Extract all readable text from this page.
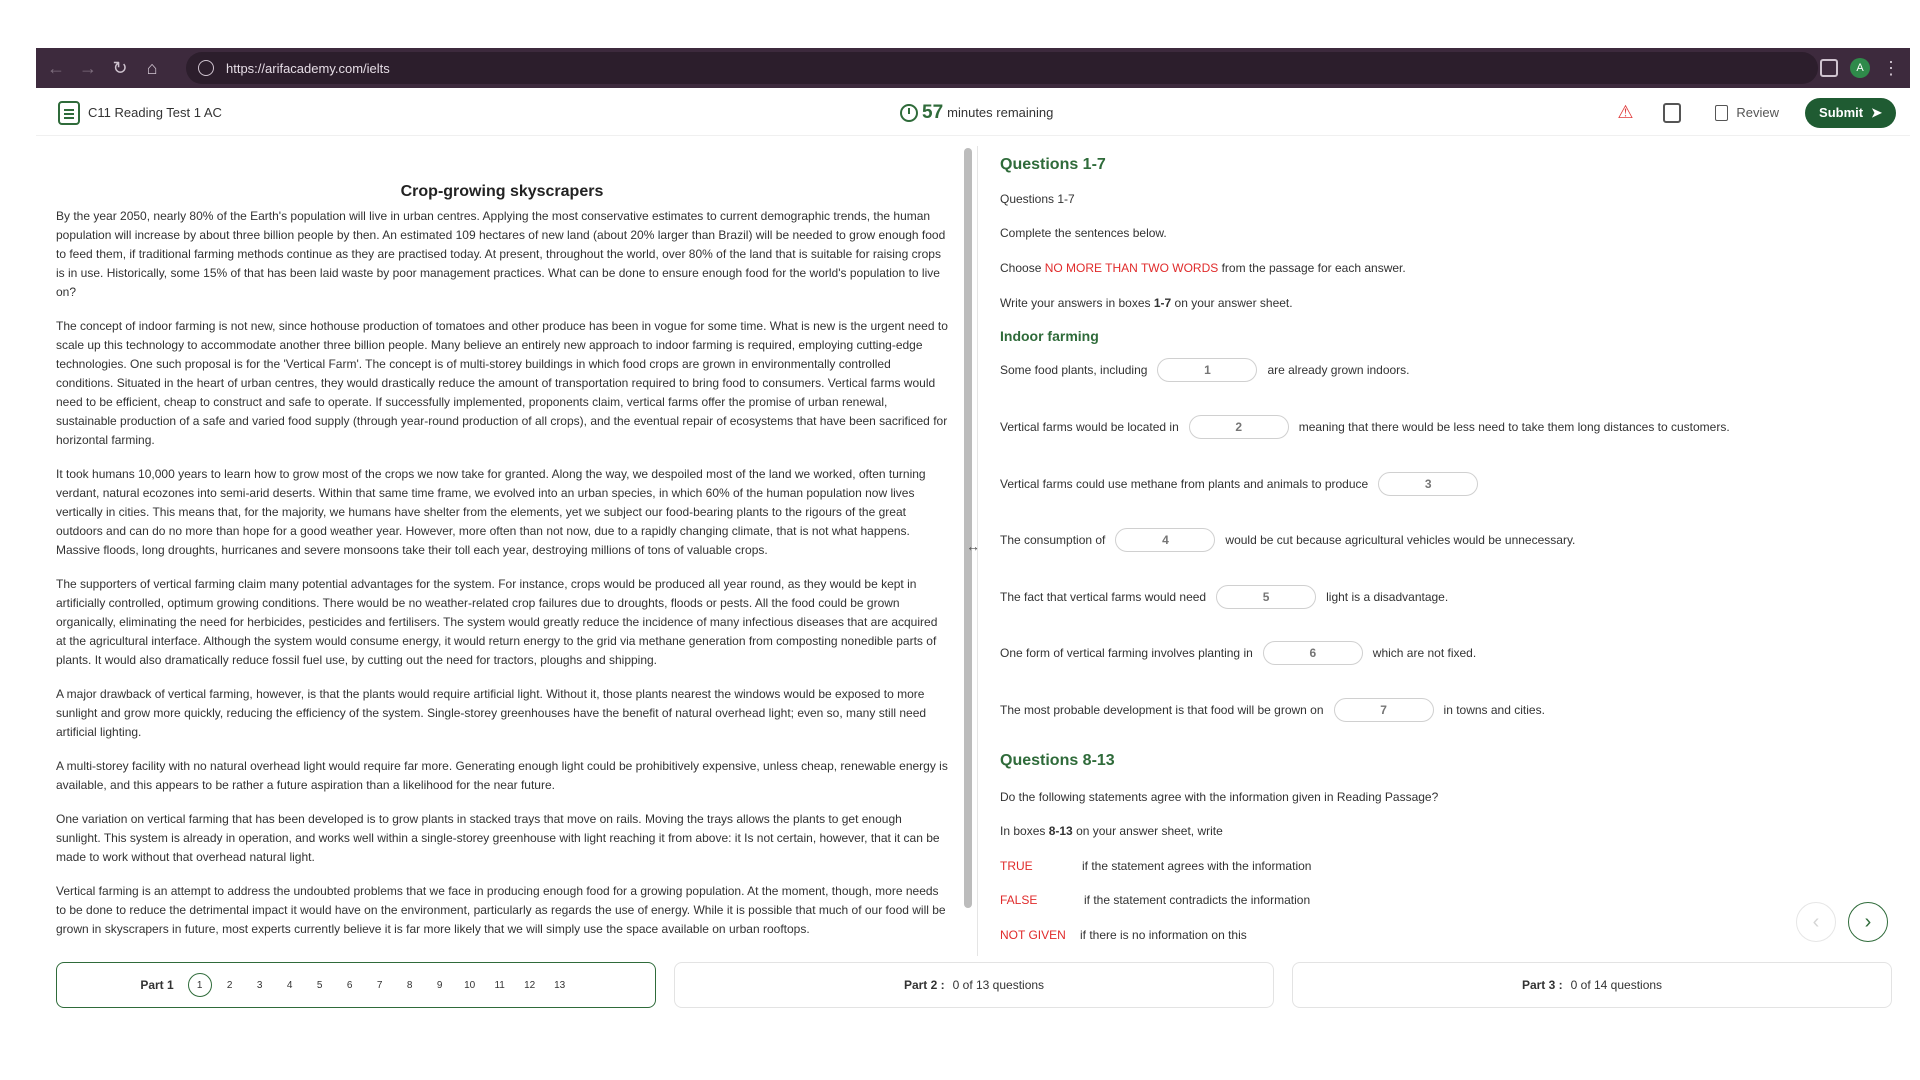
← → ↻	⌂	https://arifacademy.com/ielts	A	⋮
C11 Reading Test 1 AC	57 minutes remaining	⚠	Review	Submit ➤
Crop-growing skyscrapers

By the year 2050, nearly 80% of the Earth's population will live in urban centres. Applying the most conservative estimates to current demographic trends, the human population will increase by about three billion people by then. An estimated 109 hectares of new land (about 20% larger than Brazil) will be needed to grow enough food to feed them, if traditional farming methods continue as they are practised today. At present, throughout the world, over 80% of the land that is suitable for raising crops is in use. Historically, some 15% of that has been laid waste by poor management practices. What can be done to ensure enough food for the world's population to live on?

The concept of indoor farming is not new, since hothouse production of tomatoes and other produce has been in vogue for some time. What is new is the urgent need to scale up this technology to accommodate another three billion people. Many believe an entirely new approach to indoor farming is required, employing cutting-edge technologies. One such proposal is for the 'Vertical Farm'. The concept is of multi-storey buildings in which food crops are grown in environmentally controlled conditions. Situated in the heart of urban centres, they would drastically reduce the amount of transportation required to bring food to consumers. Vertical farms would need to be efficient, cheap to construct and safe to operate. If successfully implemented, proponents claim, vertical farms offer the promise of urban renewal, sustainable production of a safe and varied food supply (through year-round production of all crops), and the eventual repair of ecosystems that have been sacrificed for horizontal farming.

It took humans 10,000 years to learn how to grow most of the crops we now take for granted. Along the way, we despoiled most of the land we worked, often turning verdant, natural ecozones into semi-arid deserts. Within that same time frame, we evolved into an urban species, in which 60% of the human population now lives vertically in cities. This means that, for the majority, we humans have shelter from the elements, yet we subject our food-bearing plants to the rigours of the great outdoors and can do no more than hope for a good weather year. However, more often than not now, due to a rapidly changing climate, that is not what happens. Massive floods, long droughts, hurricanes and severe monsoons take their toll each year, destroying millions of tons of valuable crops.

The supporters of vertical farming claim many potential advantages for the system. For instance, crops would be produced all year round, as they would be kept in artificially controlled, optimum growing conditions. There would be no weather-related crop failures due to droughts, floods or pests. All the food could be grown organically, eliminating the need for herbicides, pesticides and fertilisers. The system would greatly reduce the incidence of many infectious diseases that are acquired at the agricultural interface. Although the system would consume energy, it would return energy to the grid via methane generation from composting nonedible parts of plants. It would also dramatically reduce fossil fuel use, by cutting out the need for tractors, ploughs and shipping.

A major drawback of vertical farming, however, is that the plants would require artificial light. Without it, those plants nearest the windows would be exposed to more sunlight and grow more quickly, reducing the efficiency of the system. Single-storey greenhouses have the benefit of natural overhead light; even so, many still need artificial lighting.

A multi-storey facility with no natural overhead light would require far more. Generating enough light could be prohibitively expensive, unless cheap, renewable energy is available, and this appears to be rather a future aspiration than a likelihood for the near future.

One variation on vertical farming that has been developed is to grow plants in stacked trays that move on rails. Moving the trays allows the plants to get enough sunlight. This system is already in operation, and works well within a single-storey greenhouse with light reaching it from above: it Is not certain, however, that it can be made to work without that overhead natural light.

Vertical farming is an attempt to address the undoubted problems that we face in producing enough food for a growing population. At the moment, though, more needs to be done to reduce the detrimental impact it would have on the environment, particularly as regards the use of energy. While it is possible that much of our food will be grown in skyscrapers in future, most experts currently believe it is far more likely that we will simply use the space available on urban rooftops.

↔
Questions 1-7
Questions 1-7
Complete the sentences below.
Choose NO MORE THAN TWO WORDS from the passage for each answer.
Write your answers in boxes 1-7 on your answer sheet.
Indoor farming
Some food plants, including
1	are already grown indoors.
Vertical farms would be located in
2	meaning that there would be less need to take them long distances to customers.
Vertical farms could use methane from plants and animals to produce
3
The consumption of
4	would be cut because agricultural vehicles would be unnecessary.
The fact that vertical farms would need
5	light is a disadvantage.
One form of vertical farming involves planting in
6	which are not fixed.
The most probable development is that food will be grown on
7	in towns and cities.
Questions 8-13
Do the following statements agree with the information given in Reading Passage?
In boxes 8-13 on your answer sheet, write
TRUE	if the statement agrees with the information
FALSE	if the statement contradicts the information
NOT GIVEN	if there is no information on this
‹ ›
Part 1	1	2	3	4	5	6	7	8	9	10	11	12	13	Part 2 : 0 of 13 questions	Part 3 : 0 of 14 questions
